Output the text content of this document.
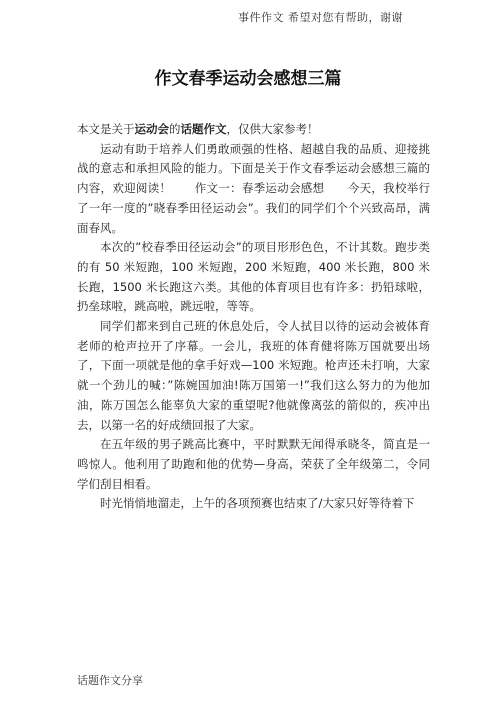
事件作文 希望对您有帮助，谢谢
作文春季运动会感想三篇

本文是关于运动会的话题作文，仅供大家参考！

运动有助于培养人们勇敢顽强的性格、超越自我的品质、迎接挑战的意志和承担风险的能力。下面是关于作文春季运动会感想三篇的内容，欢迎阅读！　　作文一：春季运动会感想　　今天，我校举行了一年一度的”晓春季田径运动会”。我们的同学们个个兴致高昂，满面春风。

本次的”校春季田径运动会”的项目形形色色，不计其数。跑步类的有 50 米短跑，100 米短跑，200 米短跑，400 米长跑，800 米长跑，1500 米长跑这六类。其他的体育项目也有许多：扔铅球啦，扔垒球啦，跳高啦，跳远啦，等等。

同学们都来到自己班的休息处后，令人拭目以待的运动会被体育老师的枪声拉开了序幕。一会儿，我班的体育健将陈万国就要出场了，下面一项就是他的拿手好戏—100 米短跑。枪声还未打响，大家就一个劲儿的喊：”陈婉国加油!陈万国第一!”我们这么努力的为他加油，陈万国怎么能辜负大家的重望呢?他就像离弦的箭似的，疾冲出去，以第一名的好成绩回报了大家。

在五年级的男子跳高比赛中，平时默默无闻得承晓冬，简直是一鸣惊人。他利用了助跑和他的优势—身高，荣获了全年级第二，令同学们刮目相看。

时光悄悄地溜走，上午的各项预赛也结束了/大家只好等待着下

话题作文分享
